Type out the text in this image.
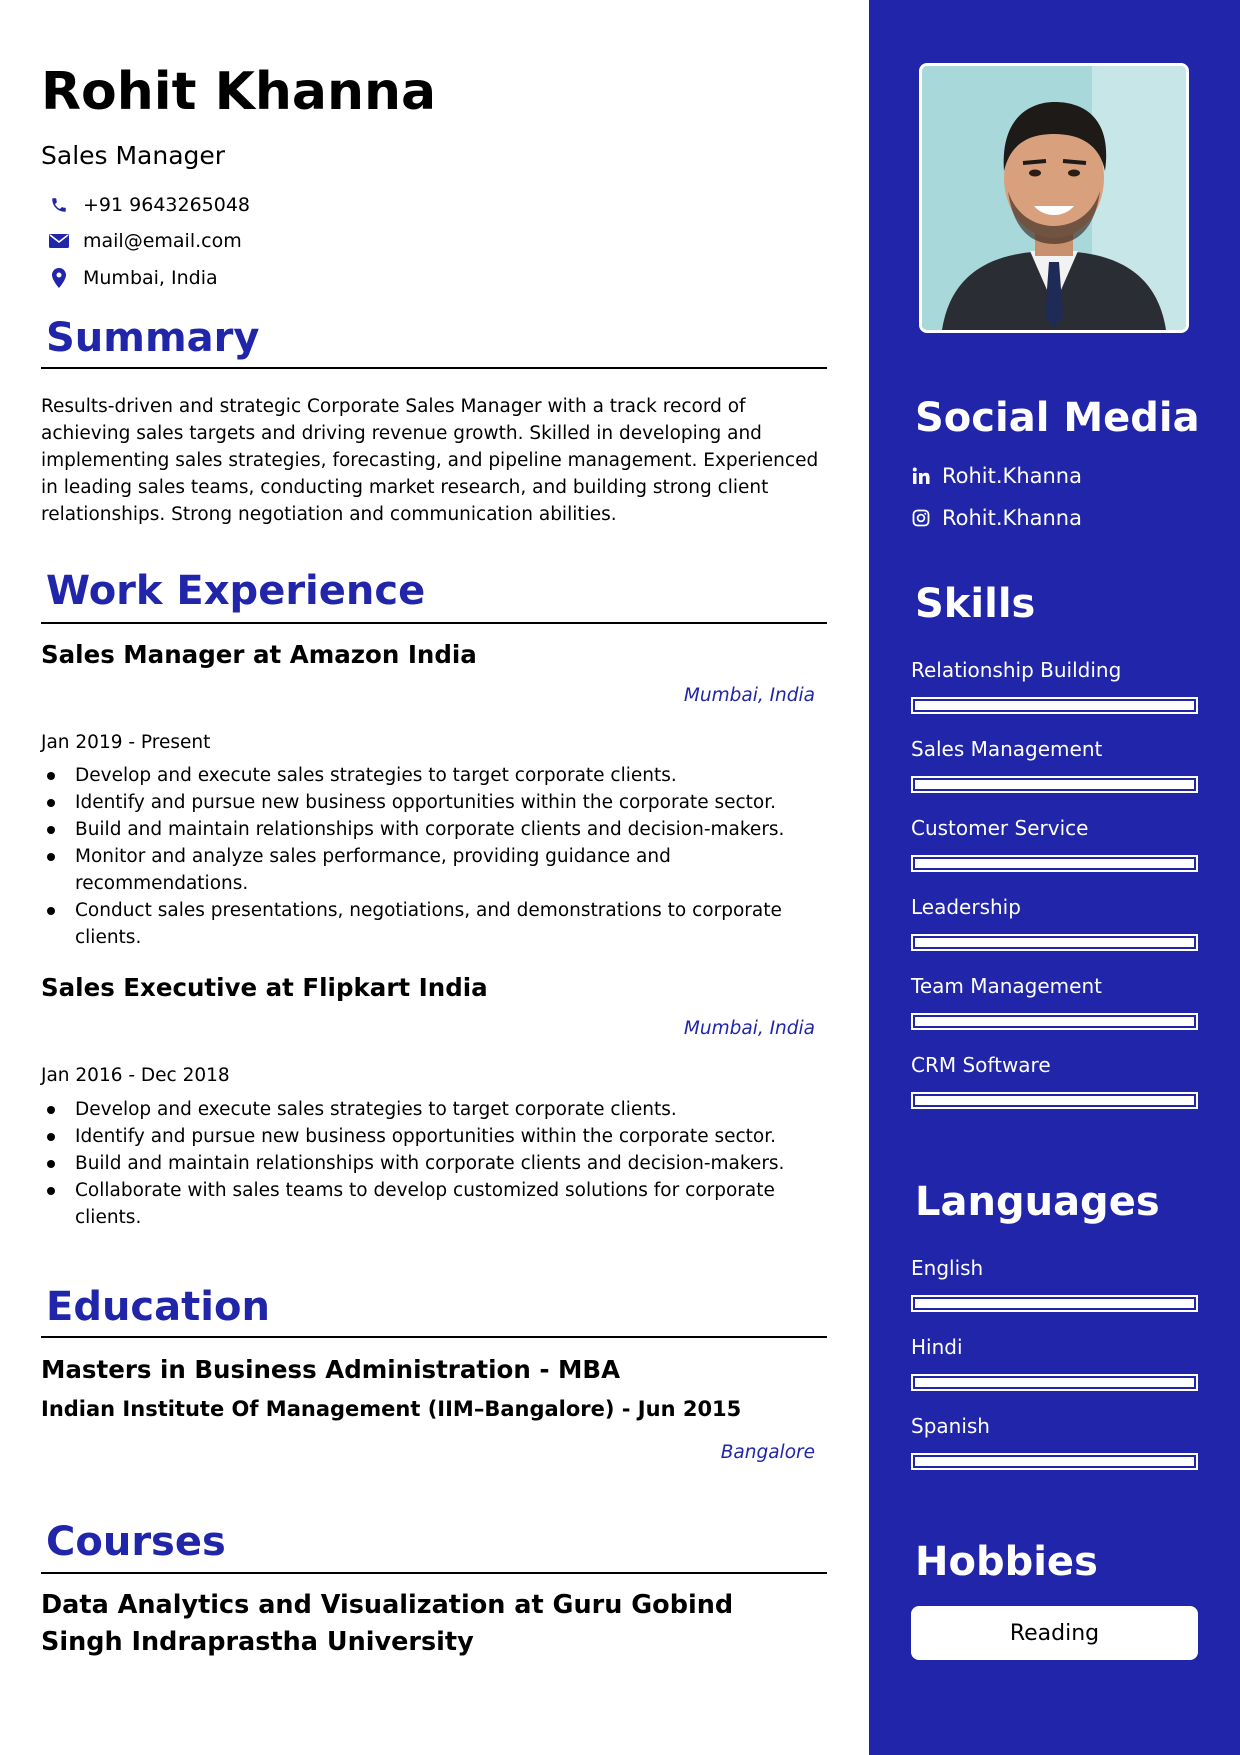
Rohit Khanna
Sales Manager
+91 9643265048
mail@email.com
Mumbai, India
Summary
Results-driven and strategic Corporate Sales Manager with a track record of achieving sales targets and driving revenue growth. Skilled in developing and implementing sales strategies, forecasting, and pipeline management. Experienced in leading sales teams, conducting market research, and building strong client relationships. Strong negotiation and communication abilities.
Work Experience
Sales Manager at Amazon India
Mumbai, India
Jan 2019 - Present
Develop and execute sales strategies to target corporate clients.
Identify and pursue new business opportunities within the corporate sector.
Build and maintain relationships with corporate clients and decision-makers.
Monitor and analyze sales performance, providing guidance and recommendations.
Conduct sales presentations, negotiations, and demonstrations to corporate clients.
Sales Executive at Flipkart India
Mumbai, India
Jan 2016 - Dec 2018
Develop and execute sales strategies to target corporate clients.
Identify and pursue new business opportunities within the corporate sector.
Build and maintain relationships with corporate clients and decision-makers.
Collaborate with sales teams to develop customized solutions for corporate clients.
Education
Masters in Business Administration - MBA
Indian Institute Of Management (IIM–Bangalore) - Jun 2015
Bangalore
Courses
Data Analytics and Visualization at Guru Gobind Singh Indraprastha University
Social Media
Rohit.Khanna
Rohit.Khanna
Skills
Relationship Building
Sales Management
Customer Service
Leadership
Team Management
CRM Software
Languages
English
Hindi
Spanish
Hobbies
Reading
